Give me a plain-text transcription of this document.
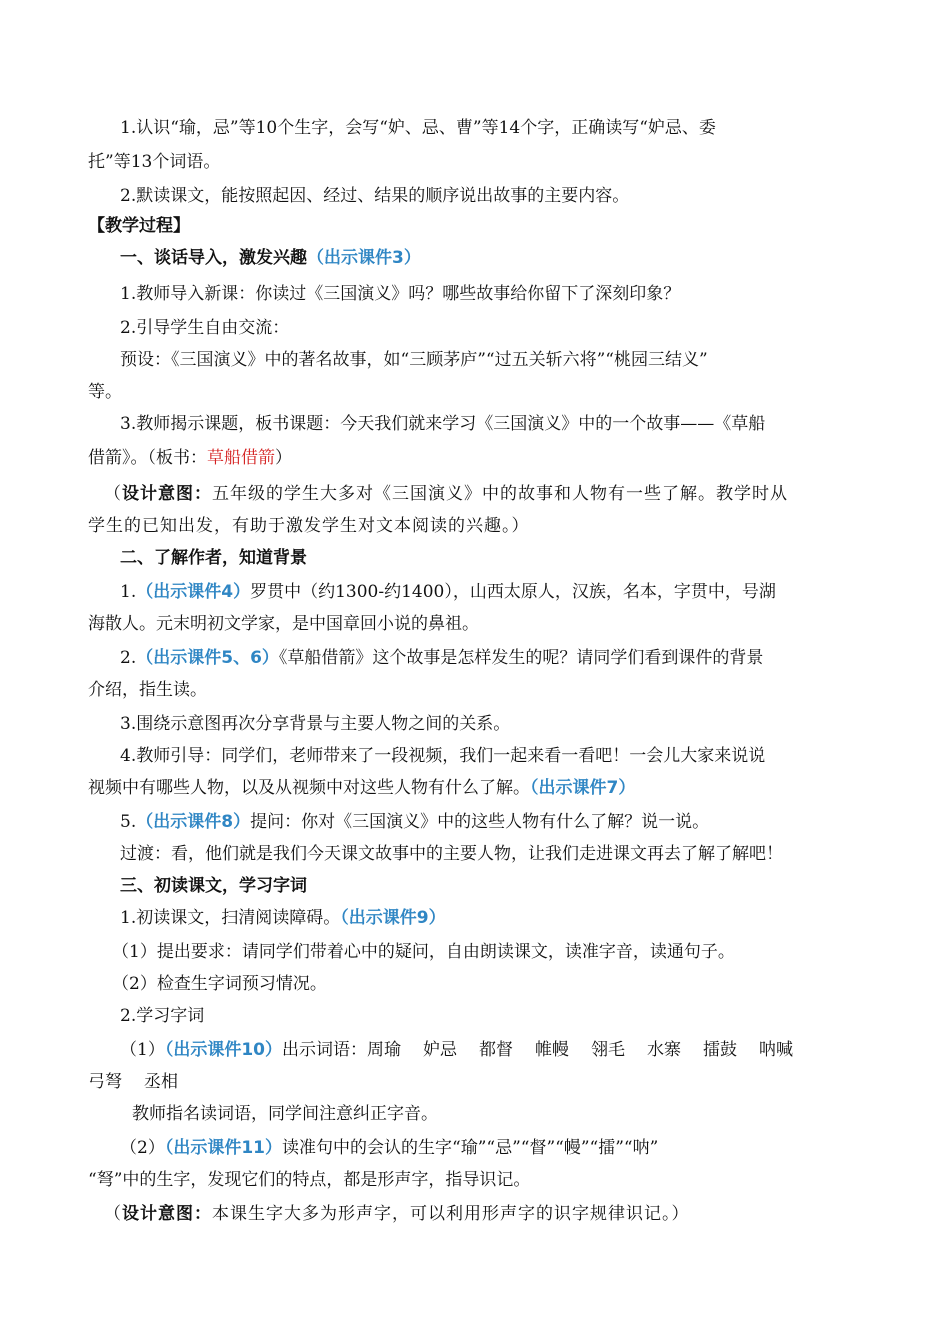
1.认识“瑜，忌”等10个生字，会写“妒、忌、曹”等14个字，正确读写“妒忌、委
托”等13个词语。
2.默读课文，能按照起因、经过、结果的顺序说出故事的主要内容。
【教学过程】
一、谈话导入，激发兴趣（出示课件3）
1.教师导入新课：你读过《三国演义》吗？哪些故事给你留下了深刻印象？
2.引导学生自由交流：
预设：《三国演义》中的著名故事，如“三顾茅庐”“过五关斩六将”“桃园三结义”
等。
3.教师揭示课题，板书课题：今天我们就来学习《三国演义》中的一个故事——《草船
借箭》。（板书：草船借箭）
（设计意图：五年级的学生大多对《三国演义》中的故事和人物有一些了解。教学时从
学生的已知出发，有助于激发学生对文本阅读的兴趣。）
二、了解作者，知道背景
1.（出示课件4）罗贯中（约1300-约1400），山西太原人，汉族，名本，字贯中，号湖
海散人。元末明初文学家，是中国章回小说的鼻祖。
2.（出示课件5、6）《草船借箭》这个故事是怎样发生的呢？请同学们看到课件的背景
介绍，指生读。
3.围绕示意图再次分享背景与主要人物之间的关系。
4.教师引导：同学们，老师带来了一段视频，我们一起来看一看吧！一会儿大家来说说
视频中有哪些人物，以及从视频中对这些人物有什么了解。（出示课件7）
5.（出示课件8）提问：你对《三国演义》中的这些人物有什么了解？说一说。
过渡：看，他们就是我们今天课文故事中的主要人物，让我们走进课文再去了解了解吧！
三、初读课文，学习字词
1.初读课文，扫清阅读障碍。（出示课件9）
（1）提出要求：请同学们带着心中的疑问，自由朗读课文，读准字音，读通句子。
（2）检查生字词预习情况。
2.学习字词
（1）（出示课件10）出示词语：周瑜 妒忌 都督 帷幔 翎毛 水寨 擂鼓 呐喊
弓弩 丞相
教师指名读词语，同学间注意纠正字音。
（2）（出示课件11）读准句中的会认的生字“瑜”“忌”“督”“幔”“擂”“呐”
“弩”中的生字，发现它们的特点，都是形声字，指导识记。
（设计意图：本课生字大多为形声字，可以利用形声字的识字规律识记。）
